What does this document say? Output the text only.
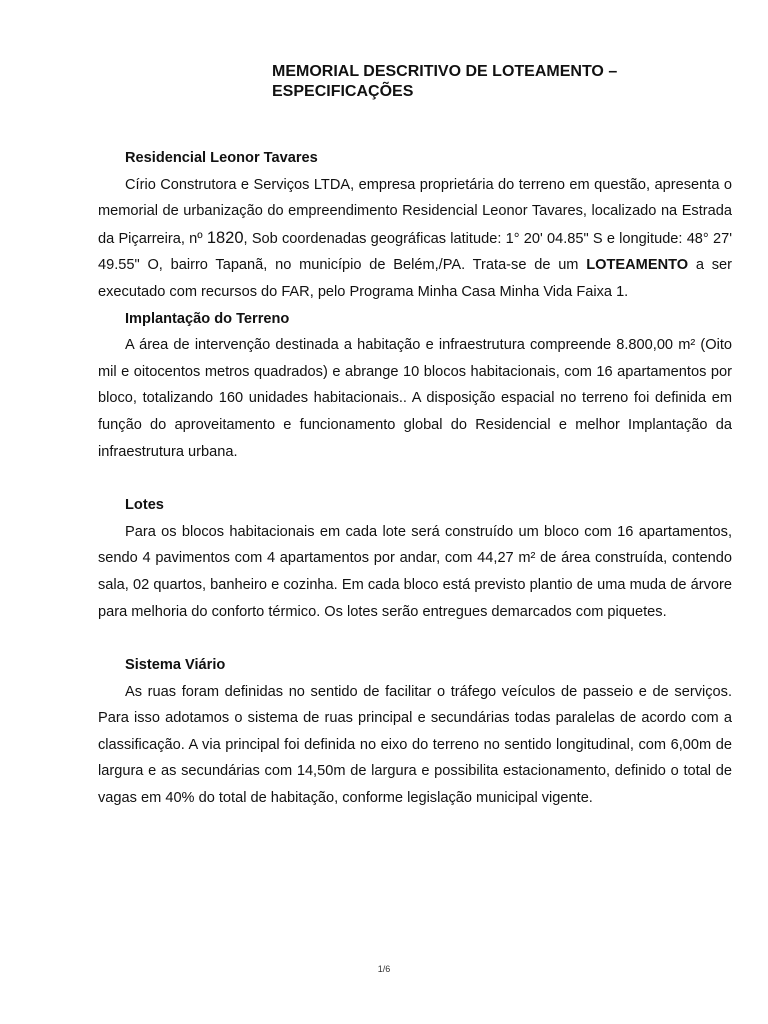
MEMORIAL DESCRITIVO DE LOTEAMENTO – ESPECIFICAÇÕES

Residencial Leonor Tavares

Círio Construtora e Serviços LTDA, empresa proprietária do terreno em questão, apresenta o memorial de urbanização do empreendimento Residencial Leonor Tavares, localizado na Estrada da Piçarreira, nº 1820, Sob coordenadas geográficas latitude: 1° 20' 04.85" S e longitude: 48° 27' 49.55" O, bairro Tapanã, no município de Belém,/PA. Trata-se de um LOTEAMENTO a ser executado com recursos do FAR, pelo Programa Minha Casa Minha Vida Faixa 1.

Implantação do Terreno

A área de intervenção destinada a habitação e infraestrutura compreende 8.800,00 m² (Oito mil e oitocentos metros quadrados) e abrange 10 blocos habitacionais, com 16 apartamentos por bloco, totalizando 160 unidades habitacionais.. A disposição espacial no terreno foi definida em função do aproveitamento e funcionamento global do Residencial e melhor Implantação da infraestrutura urbana.

Lotes

Para os blocos habitacionais em cada lote será construído um bloco com 16 apartamentos, sendo 4 pavimentos com 4 apartamentos por andar, com 44,27 m² de área construída, contendo sala, 02 quartos, banheiro e cozinha. Em cada bloco está previsto plantio de uma muda de árvore para melhoria do conforto térmico. Os lotes serão entregues demarcados com piquetes.

Sistema Viário

As ruas foram definidas no sentido de facilitar o tráfego veículos de passeio e de serviços. Para isso adotamos o sistema de ruas principal e secundárias todas paralelas de acordo com a classificação. A via principal foi definida no eixo do terreno no sentido longitudinal, com 6,00m de largura e as secundárias com 14,50m de largura e possibilita estacionamento, definido o total de vagas em 40% do total de habitação, conforme legislação municipal vigente.

1/6
